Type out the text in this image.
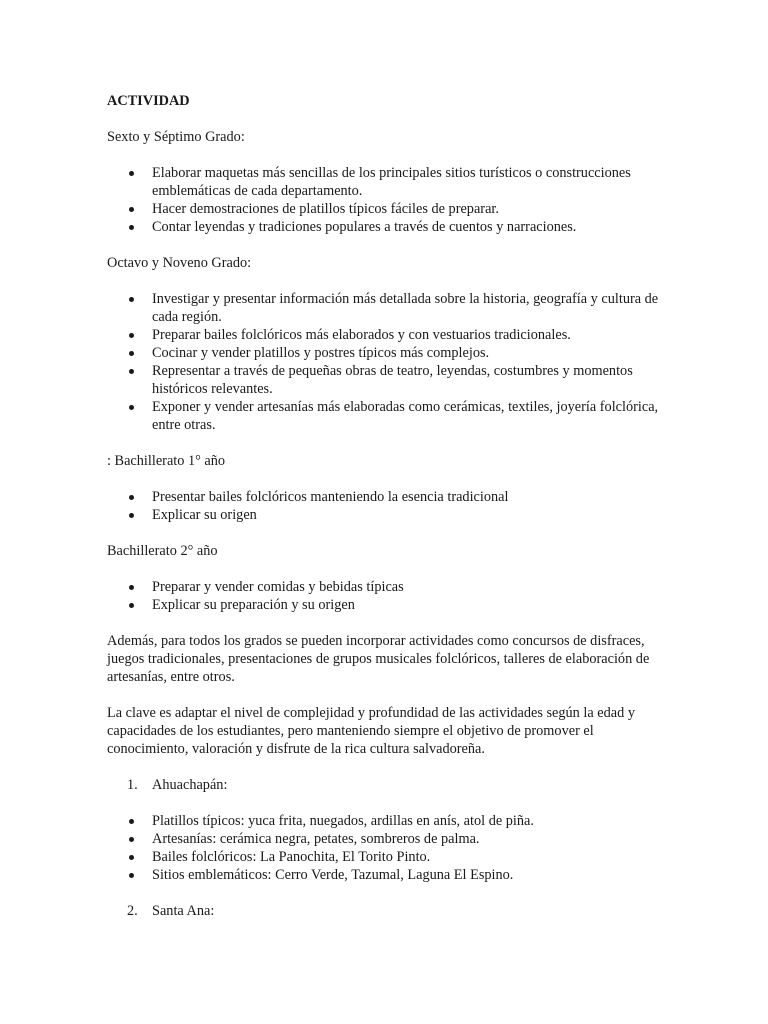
ACTIVIDAD
Sexto y Séptimo Grado:
Elaborar maquetas más sencillas de los principales sitios turísticos o construcciones emblemáticas de cada departamento.
Hacer demostraciones de platillos típicos fáciles de preparar.
Contar leyendas y tradiciones populares a través de cuentos y narraciones.
Octavo y Noveno Grado:
Investigar y presentar información más detallada sobre la historia, geografía y cultura de cada región.
Preparar bailes folclóricos más elaborados y con vestuarios tradicionales.
Cocinar y vender platillos y postres típicos más complejos.
Representar a través de pequeñas obras de teatro, leyendas, costumbres y momentos históricos relevantes.
Exponer y vender artesanías más elaboradas como cerámicas, textiles, joyería folclórica, entre otras.
: Bachillerato 1° año
Presentar bailes folclóricos manteniendo la esencia tradicional
Explicar su origen
Bachillerato 2° año
Preparar y vender comidas y bebidas típicas
Explicar su preparación y su origen
Además, para todos los grados se pueden incorporar actividades como concursos de disfraces, juegos tradicionales, presentaciones de grupos musicales folclóricos, talleres de elaboración de artesanías, entre otros.
La clave es adaptar el nivel de complejidad y profundidad de las actividades según la edad y capacidades de los estudiantes, pero manteniendo siempre el objetivo de promover el conocimiento, valoración y disfrute de la rica cultura salvadoreña.
1. Ahuachapán:
Platillos típicos: yuca frita, nuegados, ardillas en anís, atol de piña.
Artesanías: cerámica negra, petates, sombreros de palma.
Bailes folclóricos: La Panochita, El Torito Pinto.
Sitios emblemáticos: Cerro Verde, Tazumal, Laguna El Espino.
2. Santa Ana:
